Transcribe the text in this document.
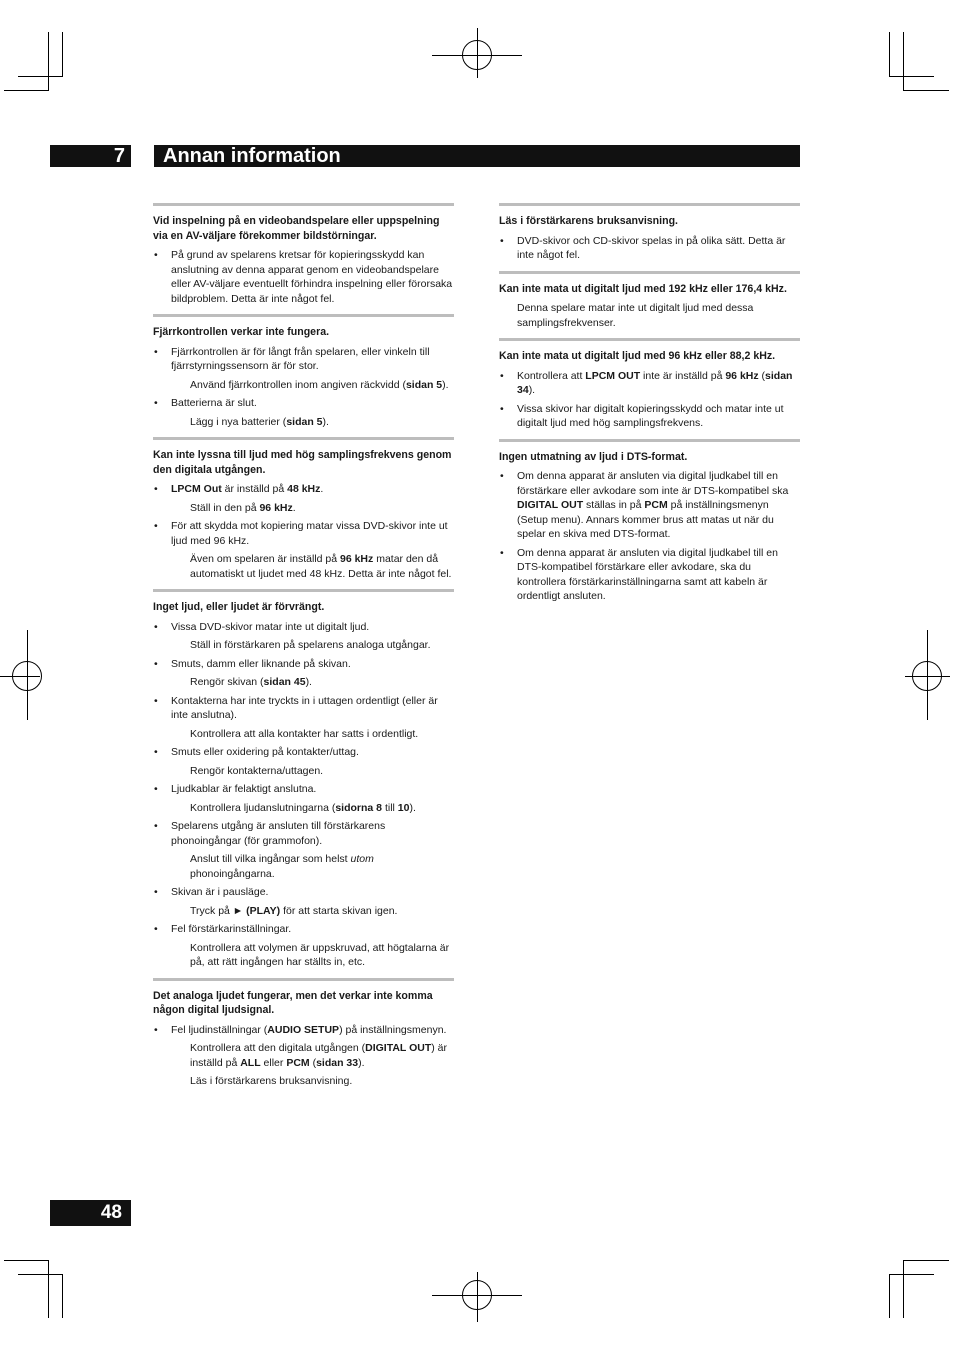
7	Annan information
Vid inspelning på en videobandspelare eller uppspelning via en AV-väljare förekommer bildstörningar.
• På grund av spelarens kretsar för kopieringsskydd kan anslutning av denna apparat genom en videobandspelare eller AV-väljare eventuellt förhindra inspelning eller förorsaka bildproblem. Detta är inte något fel.
Fjärrkontrollen verkar inte fungera.
• Fjärrkontrollen är för långt från spelaren, eller vinkeln till fjärrstyrningssensorn är för stor.
Använd fjärrkontrollen inom angiven räckvidd (sidan 5).
• Batterierna är slut.
Lägg i nya batterier (sidan 5).
Kan inte lyssna till ljud med hög samplingsfrekvens genom den digitala utgången.
• LPCM Out är inställd på 48 kHz.
Ställ in den på 96 kHz.
• För att skydda mot kopiering matar vissa DVD-skivor inte ut ljud med 96 kHz.
Även om spelaren är inställd på 96 kHz matar den då automatiskt ut ljudet med 48 kHz. Detta är inte något fel.
Inget ljud, eller ljudet är förvrängt.
• Vissa DVD-skivor matar inte ut digitalt ljud.
Ställ in förstärkaren på spelarens analoga utgångar.
• Smuts, damm eller liknande på skivan.
Rengör skivan (sidan 45).
• Kontakterna har inte tryckts in i uttagen ordentligt (eller är inte anslutna).
Kontrollera att alla kontakter har satts i ordentligt.
• Smuts eller oxidering på kontakter/uttag.
Rengör kontakterna/uttagen.
• Ljudkablar är felaktigt anslutna.
Kontrollera ljudanslutningarna (sidorna 8 till 10).
• Spelarens utgång är ansluten till förstärkarens phonoingångar (för grammofon).
Anslut till vilka ingångar som helst utom phonoingångarna.
• Skivan är i pausläge.
Tryck på ► (PLAY) för att starta skivan igen.
• Fel förstärkarinställningar.
Kontrollera att volymen är uppskruvad, att högtalarna är på, att rätt ingången har ställts in, etc.
Det analoga ljudet fungerar, men det verkar inte komma någon digital ljudsignal.
• Fel ljudinställningar (AUDIO SETUP) på inställningsmenyn.
Kontrollera att den digitala utgången (DIGITAL OUT) är inställd på ALL eller PCM (sidan 33).
Läs i förstärkarens bruksanvisning.
Läs i förstärkarens bruksanvisning.
• DVD-skivor och CD-skivor spelas in på olika sätt. Detta är inte något fel.
Kan inte mata ut digitalt ljud med 192 kHz eller 176,4 kHz.
Denna spelare matar inte ut digitalt ljud med dessa samplingsfrekvenser.
Kan inte mata ut digitalt ljud med 96 kHz eller 88,2 kHz.
• Kontrollera att LPCM OUT inte är inställd på 96 kHz (sidan 34).
• Vissa skivor har digitalt kopieringsskydd och matar inte ut digitalt ljud med hög samplingsfrekvens.
Ingen utmatning av ljud i DTS-format.
• Om denna apparat är ansluten via digital ljudkabel till en förstärkare eller avkodare som inte är DTS-kompatibel ska DIGITAL OUT ställas in på PCM på inställningsmenyn (Setup menu). Annars kommer brus att matas ut när du spelar en skiva med DTS-format.
• Om denna apparat är ansluten via digital ljudkabel till en DTS-kompatibel förstärkare eller avkodare, ska du kontrollera förstärkarinställningarna samt att kabeln är ordentligt ansluten.
48
